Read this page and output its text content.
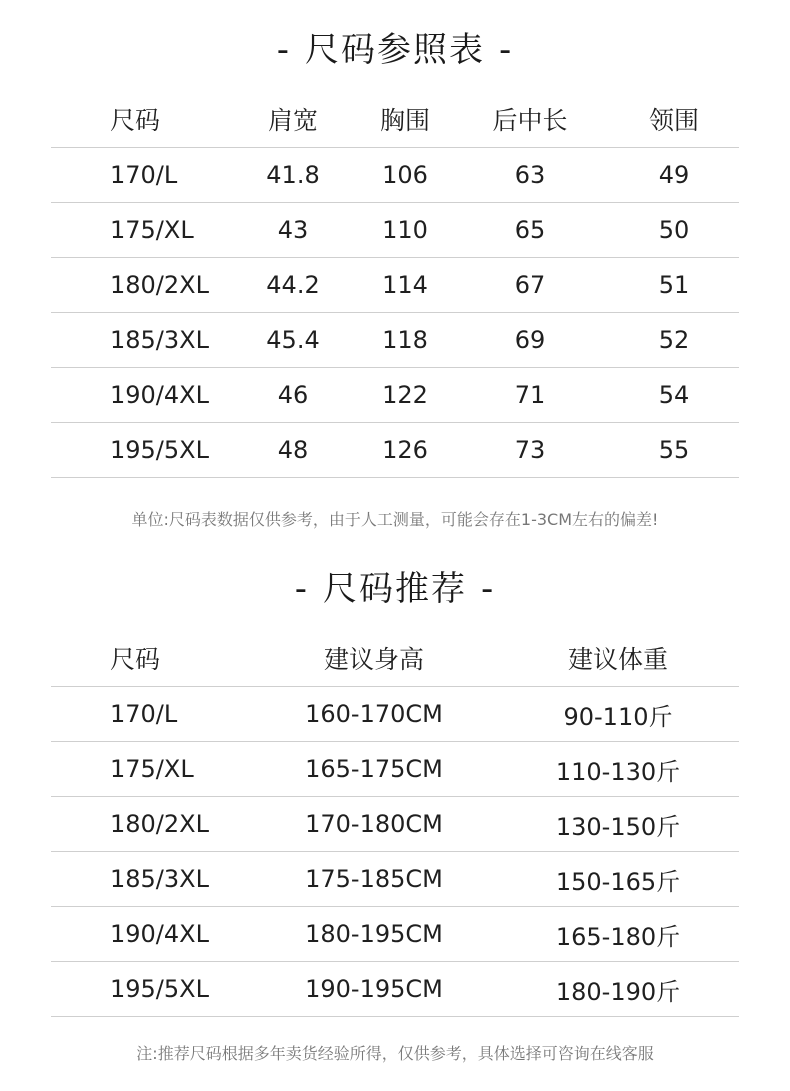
- 尺码参照表 -
尺码	肩宽	胸围	后中长	领围
170/L	41.8	106	63	49
175/XL	43	110	65	50
180/2XL	44.2	114	67	51
185/3XL	45.4	118	69	52
190/4XL	46	122	71	54
195/5XL	48	126	73	55
单位:尺码表数据仅供参考，由于人工测量，可能会存在1-3CM左右的偏差!
- 尺码推荐 -
尺码	建议身高	建议体重
170/L	160-170CM	90-110斤
175/XL	165-175CM	110-130斤
180/2XL	170-180CM	130-150斤
185/3XL	175-185CM	150-165斤
190/4XL	180-195CM	165-180斤
195/5XL	190-195CM	180-190斤
注:推荐尺码根据多年卖货经验所得，仅供参考，具体选择可咨询在线客服
